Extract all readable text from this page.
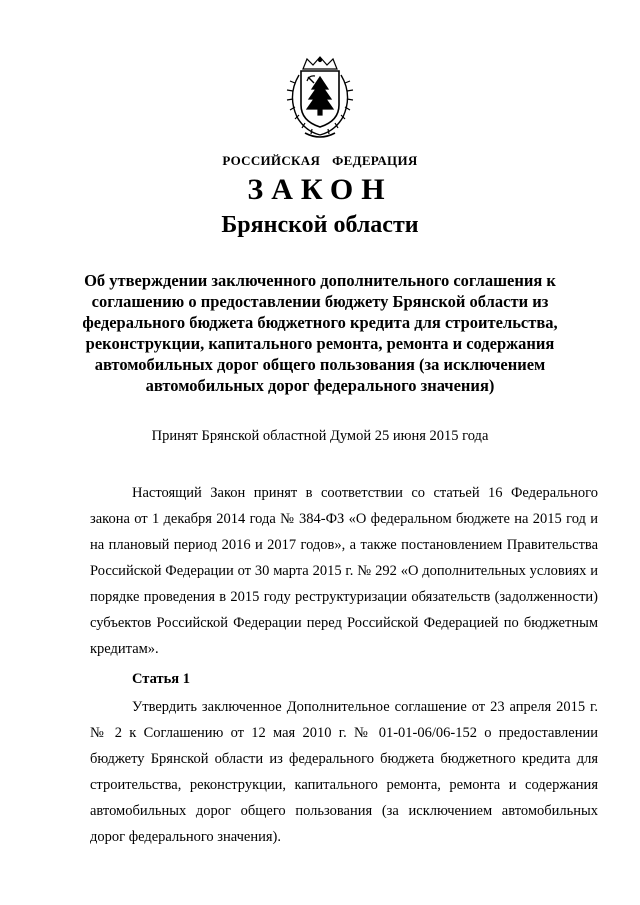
РОССИЙСКАЯ ФЕДЕРАЦИЯ
ЗАКОН
Брянской области
Об утверждении заключенного дополнительного соглашения к соглашению о предоставлении бюджету Брянской области из федерального бюджета бюджетного кредита для строительства, реконструкции, капитального ремонта, ремонта и содержания автомобильных дорог общего пользования (за исключением автомобильных дорог федерального значения)
Принят Брянской областной Думой 25 июня 2015 года

Настоящий Закон принят в соответствии со статьей 16 Федерального закона от 1 декабря 2014 года № 384-ФЗ «О федеральном бюджете на 2015 год и на плановый период 2016 и 2017 годов», а также постановлением Правительства Российской Федерации от 30 марта 2015 г. № 292 «О дополнительных условиях и порядке проведения в 2015 году реструктуризации обязательств (задолженности) субъектов Российской Федерации перед Российской Федерацией по бюджетным кредитам».

Статья 1

Утвердить заключенное Дополнительное соглашение от 23 апреля 2015 г. № 2 к Соглашению от 12 мая 2010 г. № 01-01-06/06-152 о предоставлении бюджету Брянской области из федерального бюджета бюджетного кредита для строительства, реконструкции, капитального ремонта, ремонта и содержания автомобильных дорог общего пользования (за исключением автомобильных дорог федерального значения).
